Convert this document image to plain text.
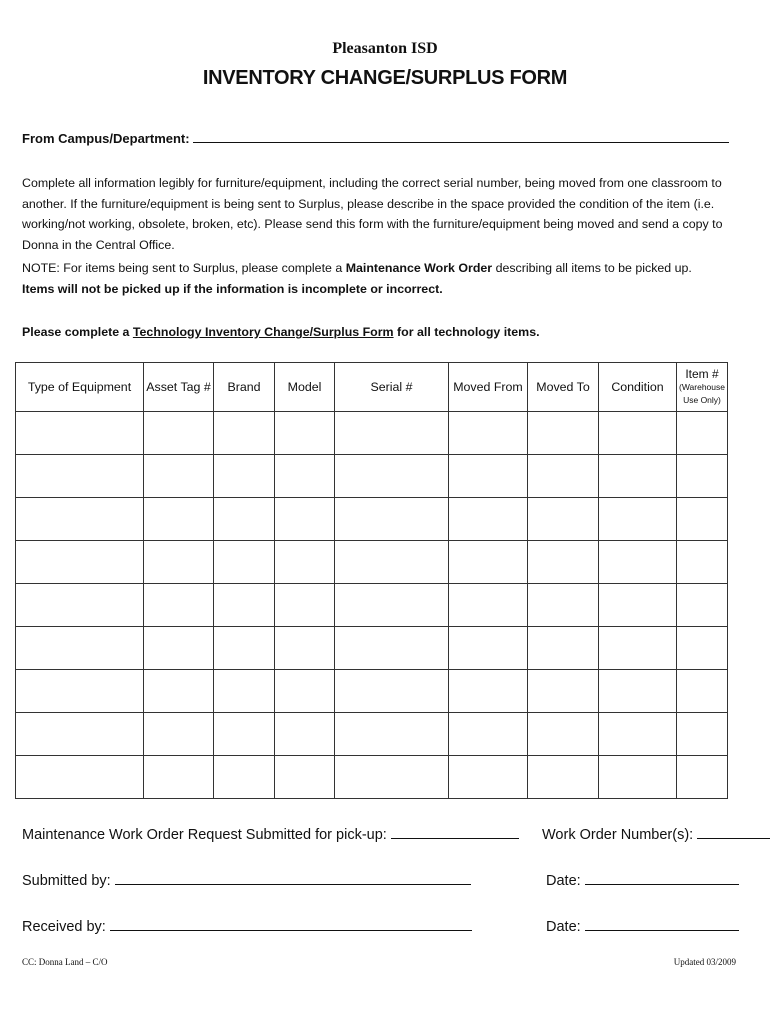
Pleasanton ISD
INVENTORY CHANGE/SURPLUS FORM
From Campus/Department:
Complete all information legibly for furniture/equipment, including the correct serial number, being moved from one classroom to another. If the furniture/equipment is being sent to Surplus, please describe in the space provided the condition of the item (i.e. working/not working, obsolete, broken, etc). Please send this form with the furniture/equipment being moved and send a copy to Donna in the Central Office.
NOTE: For items being sent to Surplus, please complete a Maintenance Work Order describing all items to be picked up.
Items will not be picked up if the information is incomplete or incorrect.
Please complete a Technology Inventory Change/Surplus Form for all technology items.
Type of Equipment	Asset Tag #	Brand	Model	Serial #	Moved From	Moved To	Condition	Item #
(Warehouse
Use Only)

Maintenance Work Order Request Submitted for pick-up:	Work Order Number(s):
Submitted by:	Date:
Received by:	Date:
CC: Donna Land – C/O	Updated 03/2009
